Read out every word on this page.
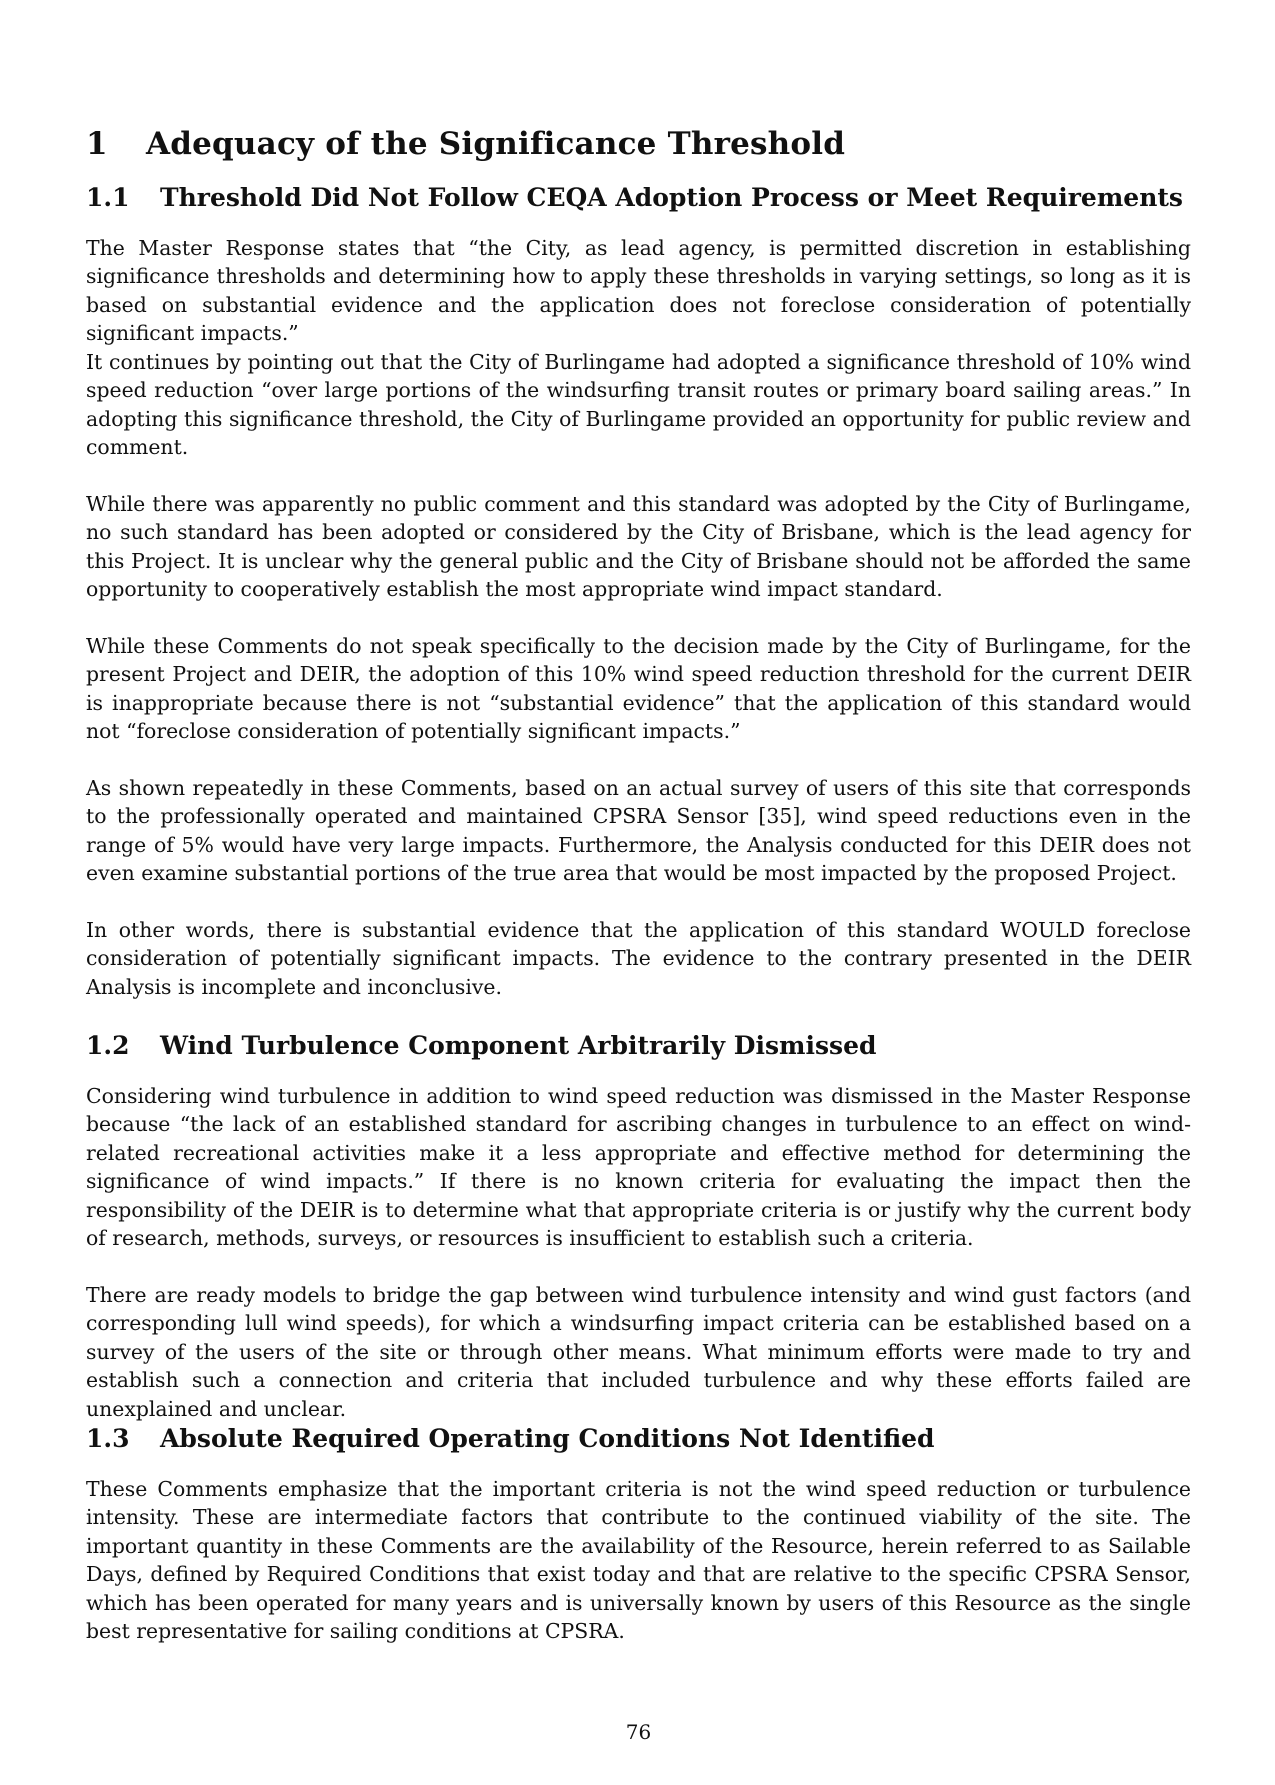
1 Adequacy of the Significance Threshold
1.1 Threshold Did Not Follow CEQA Adoption Process or Meet Requirements

The Master Response states that “the City, as lead agency, is permitted discretion in establishing significance thresholds and determining how to apply these thresholds in varying settings, so long as it is based on substantial evidence and the application does not foreclose consideration of potentially significant impacts.”

It continues by pointing out that the City of Burlingame had adopted a significance threshold of 10% wind speed reduction “over large portions of the windsurfing transit routes or primary board sailing areas.” In adopting this significance threshold, the City of Burlingame provided an opportunity for public review and comment.

While there was apparently no public comment and this standard was adopted by the City of Burlingame, no such standard has been adopted or considered by the City of Brisbane, which is the lead agency for this Project. It is unclear why the general public and the City of Brisbane should not be afforded the same opportunity to cooperatively establish the most appropriate wind impact standard.

While these Comments do not speak specifically to the decision made by the City of Burlingame, for the present Project and DEIR, the adoption of this 10% wind speed reduction threshold for the current DEIR is inappropriate because there is not “substantial evidence” that the application of this standard would not “foreclose consideration of potentially significant impacts.”

As shown repeatedly in these Comments, based on an actual survey of users of this site that corresponds to the professionally operated and maintained CPSRA Sensor [35], wind speed reductions even in the range of 5% would have very large impacts. Furthermore, the Analysis conducted for this DEIR does not even examine substantial portions of the true area that would be most impacted by the proposed Project.

In other words, there is substantial evidence that the application of this standard WOULD foreclose consideration of potentially significant impacts. The evidence to the contrary presented in the DEIR Analysis is incomplete and inconclusive.

1.2 Wind Turbulence Component Arbitrarily Dismissed

Considering wind turbulence in addition to wind speed reduction was dismissed in the Master Response because “the lack of an established standard for ascribing changes in turbulence to an effect on wind-related recreational activities make it a less appropriate and effective method for determining the significance of wind impacts.” If there is no known criteria for evaluating the impact then the responsibility of the DEIR is to determine what that appropriate criteria is or justify why the current body of research, methods, surveys, or resources is insufficient to establish such a criteria.

There are ready models to bridge the gap between wind turbulence intensity and wind gust factors (and corresponding lull wind speeds), for which a windsurfing impact criteria can be established based on a survey of the users of the site or through other means. What minimum efforts were made to try and establish such a connection and criteria that included turbulence and why these efforts failed are unexplained and unclear.

1.3 Absolute Required Operating Conditions Not Identified

These Comments emphasize that the important criteria is not the wind speed reduction or turbulence intensity. These are intermediate factors that contribute to the continued viability of the site. The important quantity in these Comments are the availability of the Resource, herein referred to as Sailable Days, defined by Required Conditions that exist today and that are relative to the specific CPSRA Sensor, which has been operated for many years and is universally known by users of this Resource as the single best representative for sailing conditions at CPSRA.

76
